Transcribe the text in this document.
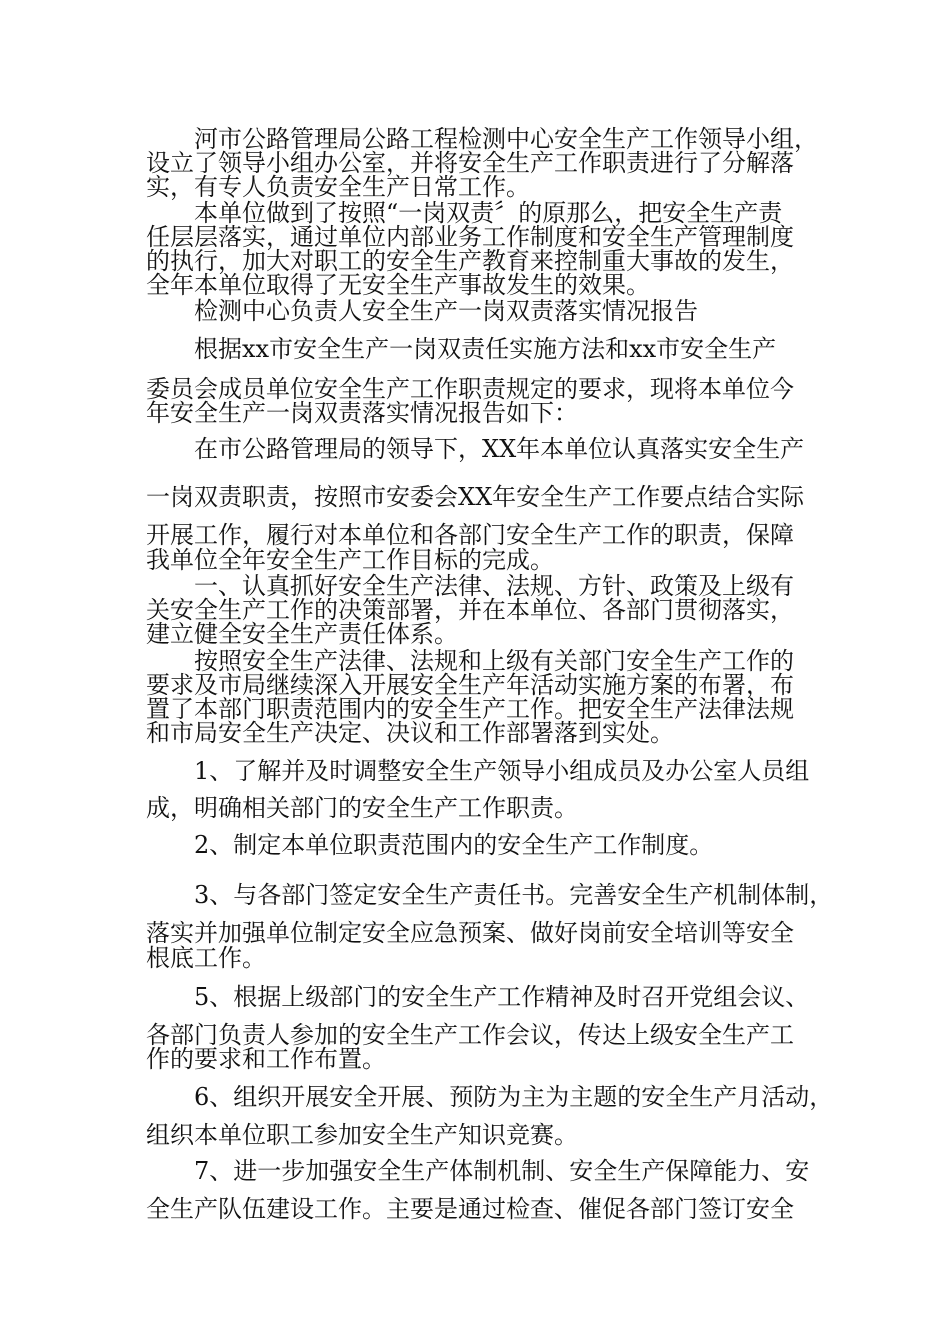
河市公路管理局公路工程检测中心安全生产工作领导小组，

设立了领导小组办公室，并将安全生产工作职责进行了分解落

实，有专人负责安全生产日常工作。

本单位做到了按照“一岗双责〞的原那么，把安全生产责

任层层落实，通过单位内部业务工作制度和安全生产管理制度

的执行，加大对职工的安全生产教育来控制重大事故的发生，

全年本单位取得了无安全生产事故发生的效果。

检测中心负责人安全生产一岗双责落实情况报告

根据xx市安全生产一岗双责任实施方法和xx市安全生产

委员会成员单位安全生产工作职责规定的要求，现将本单位今

年安全生产一岗双责落实情况报告如下：

在市公路管理局的领导下，XX年本单位认真落实安全生产

一岗双责职责，按照市安委会XX年安全生产工作要点结合实际

开展工作，履行对本单位和各部门安全生产工作的职责，保障

我单位全年安全生产工作目标的完成。

一、认真抓好安全生产法律、法规、方针、政策及上级有

关安全生产工作的决策部署，并在本单位、各部门贯彻落实，

建立健全安全生产责任体系。

按照安全生产法律、法规和上级有关部门安全生产工作的

要求及市局继续深入开展安全生产年活动实施方案的布署，布

置了本部门职责范围内的安全生产工作。把安全生产法律法规

和市局安全生产决定、决议和工作部署落到实处。

1、了解并及时调整安全生产领导小组成员及办公室人员组

成，明确相关部门的安全生产工作职责。

2、制定本单位职责范围内的安全生产工作制度。

3、与各部门签定安全生产责任书。完善安全生产机制体制，

落实并加强单位制定安全应急预案、做好岗前安全培训等安全

根底工作。

5、根据上级部门的安全生产工作精神及时召开党组会议、

各部门负责人参加的安全生产工作会议，传达上级安全生产工

作的要求和工作布置。

6、组织开展安全开展、预防为主为主题的安全生产月活动，

组织本单位职工参加安全生产知识竞赛。

7、进一步加强安全生产体制机制、安全生产保障能力、安

全生产队伍建设工作。主要是通过检查、催促各部门签订安全
